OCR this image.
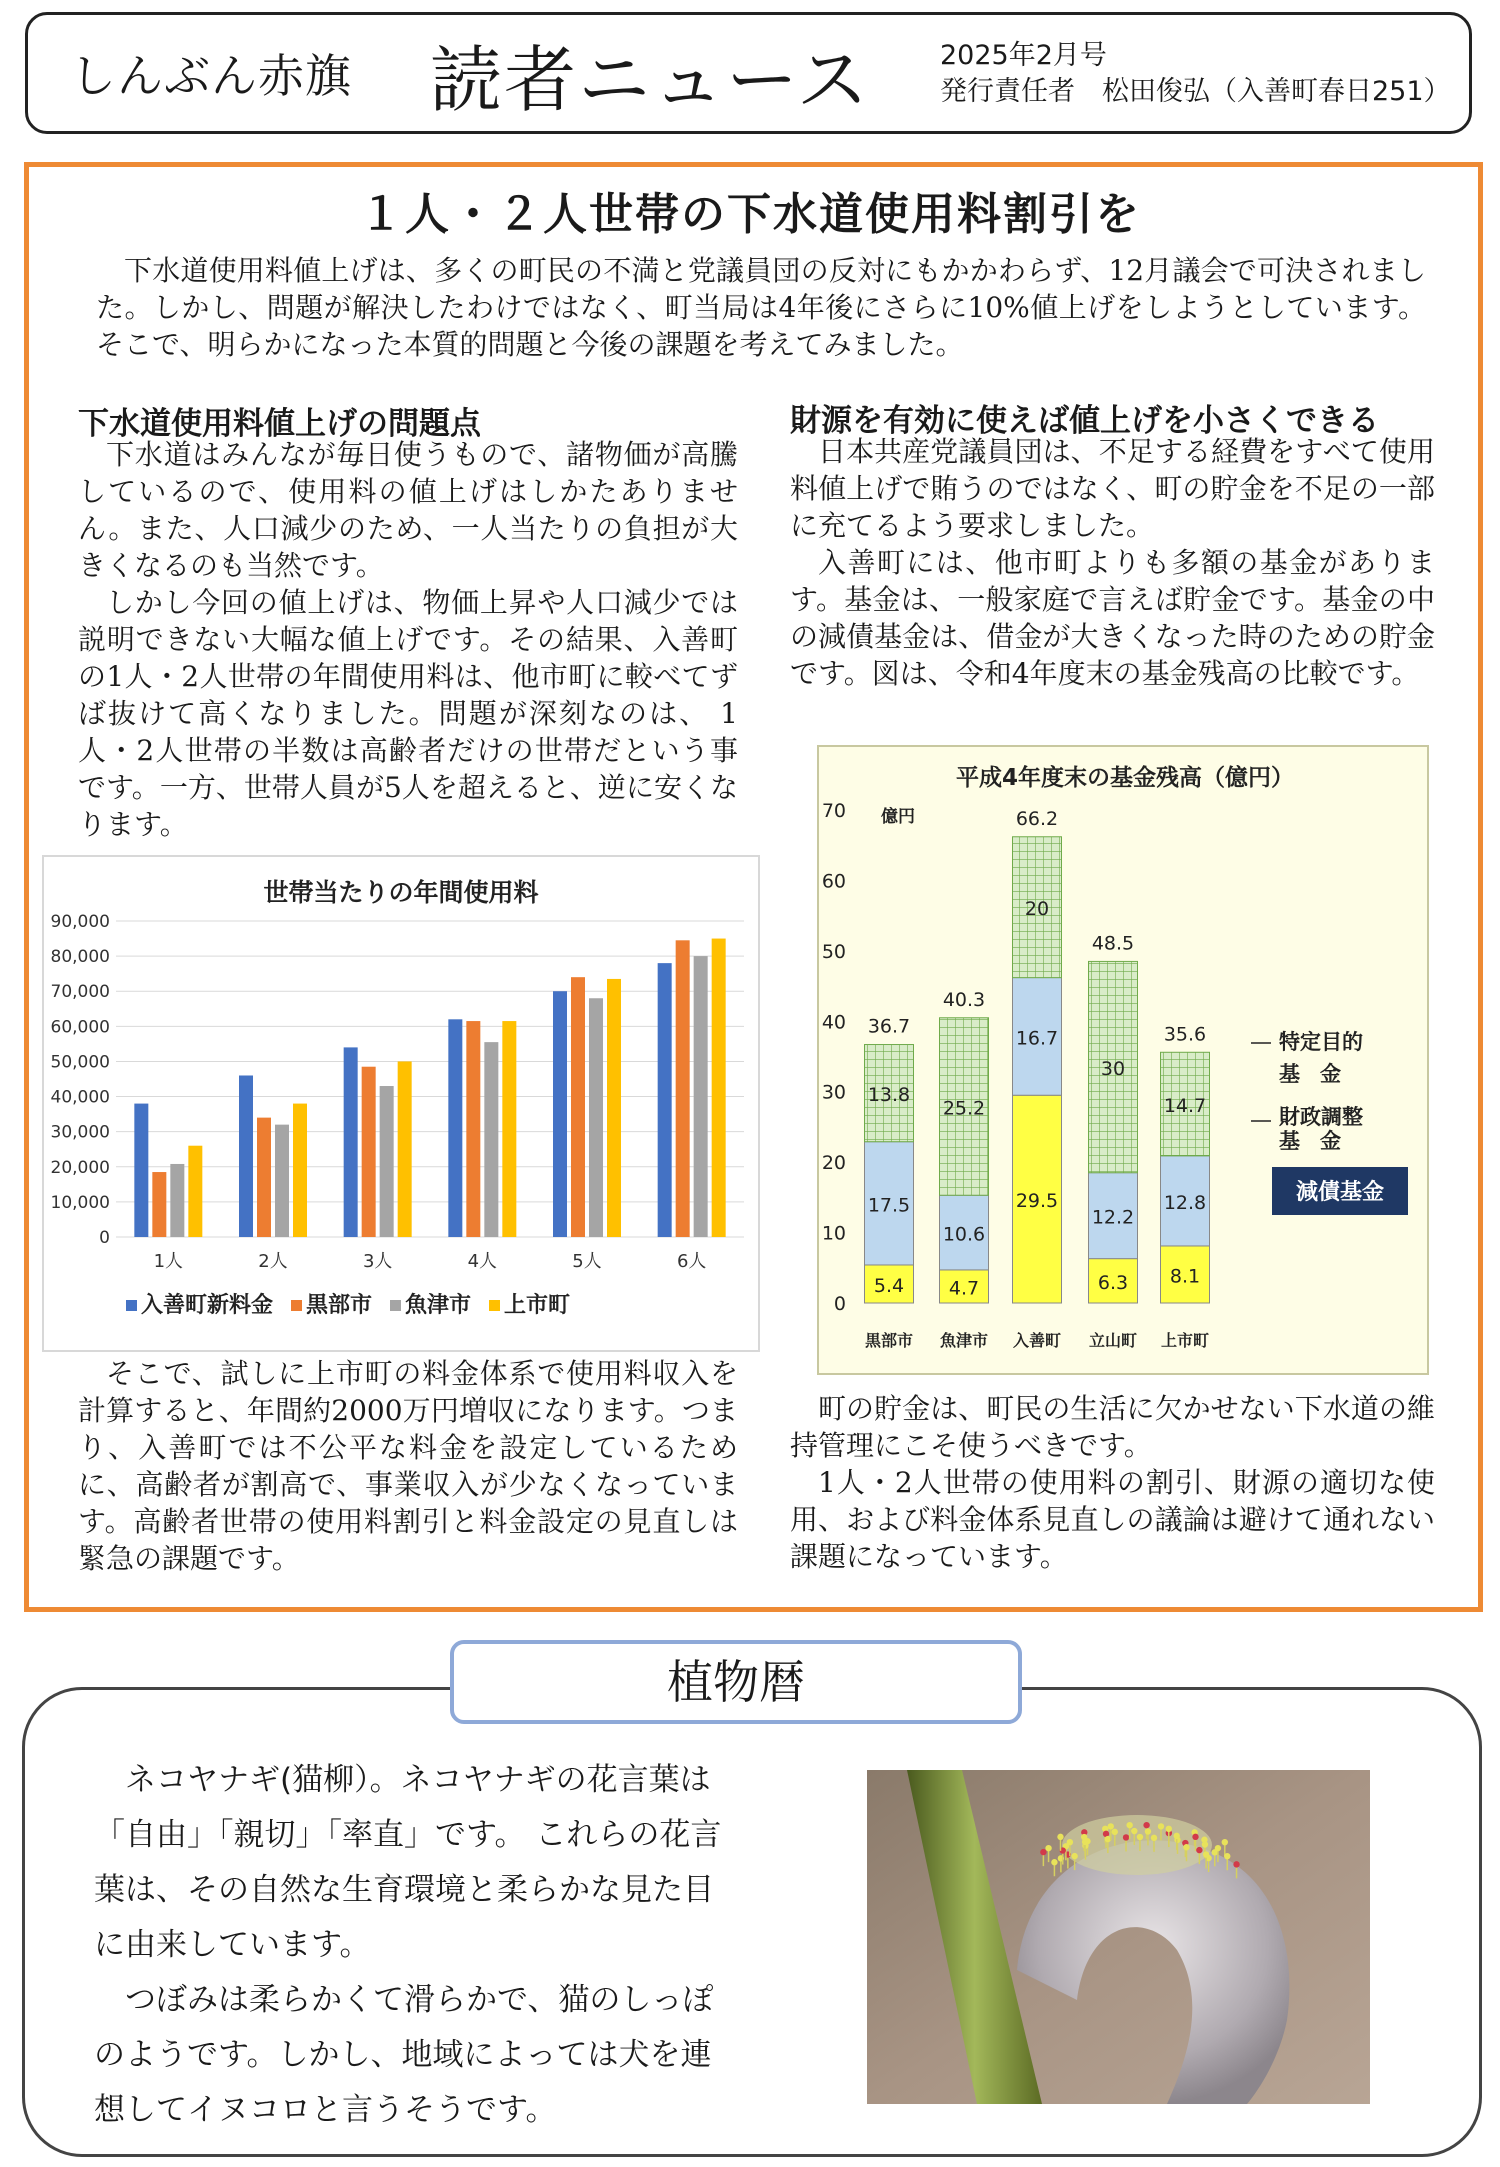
しんぶん赤旗 読者ニュース	2025年2月号
発行責任者　松田俊弘（入善町春日251）
１人・２人世帯の下水道使用料割引を

下水道使用料値上げは、多くの町民の不満と党議員団の反対にもかかわらず、12月議会で可決されました。しかし、問題が解決したわけではなく、町当局は4年後にさらに10%値上げをしようとしています。そこで、明らかになった本質的問題と今後の課題を考えてみました。

下水道使用料値上げの問題点

下水道はみんなが毎日使うもので、諸物価が高騰しているので、使用料の値上げはしかたありません。また、人口減少のため、一人当たりの負担が大きくなるのも当然です。

しかし今回の値上げは、物価上昇や人口減少では説明できない大幅な値上げです。その結果、入善町の1人・2人世帯の年間使用料は、他市町に較べてずば抜けて高くなりました。問題が深刻なのは、 1人・2人世帯の半数は高齢者だけの世帯だという事です。一方、世帯人員が5人を超えると、逆に安くなります。

世帯当たりの年間使用料
0
10,000
20,000
30,000
40,000
50,000
60,000
70,000
80,000
90,000
1人	2人	3人	4人	5人	6人
入善町新料金 黒部市 魚津市 上市町

そこで、試しに上市町の料金体系で使用料収入を計算すると、年間約2000万円増収になります。つまり、入善町では不公平な料金を設定しているために、高齢者が割高で、事業収入が少なくなっています。高齢者世帯の使用料割引と料金設定の見直しは緊急の課題です。

財源を有効に使えば値上げを小さくできる

日本共産党議員団は、不足する経費をすべて使用料値上げで賄うのではなく、町の貯金を不足の一部に充てるよう要求しました。

入善町には、他市町よりも多額の基金があります。基金は、一般家庭で言えば貯金です。基金の中の減債基金は、借金が大きくなった時のための貯金です。図は、令和4年度末の基金残高の比較です。

平成4年度末の基金残高（億円）
億円
0
10
20
30
40
50
60
70
5.4
17.5
13.8
36.7
4.7
10.6
25.2
40.3
29.5
16.7
20
66.2
6.3
12.2
30
48.5
8.1
12.8
14.7
35.6
黒部市 魚津市 入善町 立山町 上市町
特定目的
基金
財政調整
基金
減債基金

町の貯金は、町民の生活に欠かせない下水道の維持管理にこそ使うべきです。

1人・2人世帯の使用料の割引、財源の適切な使用、および料金体系見直しの議論は避けて通れない課題になっています。

植物暦

ネコヤナギ(猫柳）。ネコヤナギの花言葉は「自由」「親切」「率直」です。 これらの花言葉は、その自然な生育環境と柔らかな見た目に由来しています。

つぼみは柔らかくて滑らかで、猫のしっぽのようです。しかし、地域によっては犬を連想してイヌコロと言うそうです。
